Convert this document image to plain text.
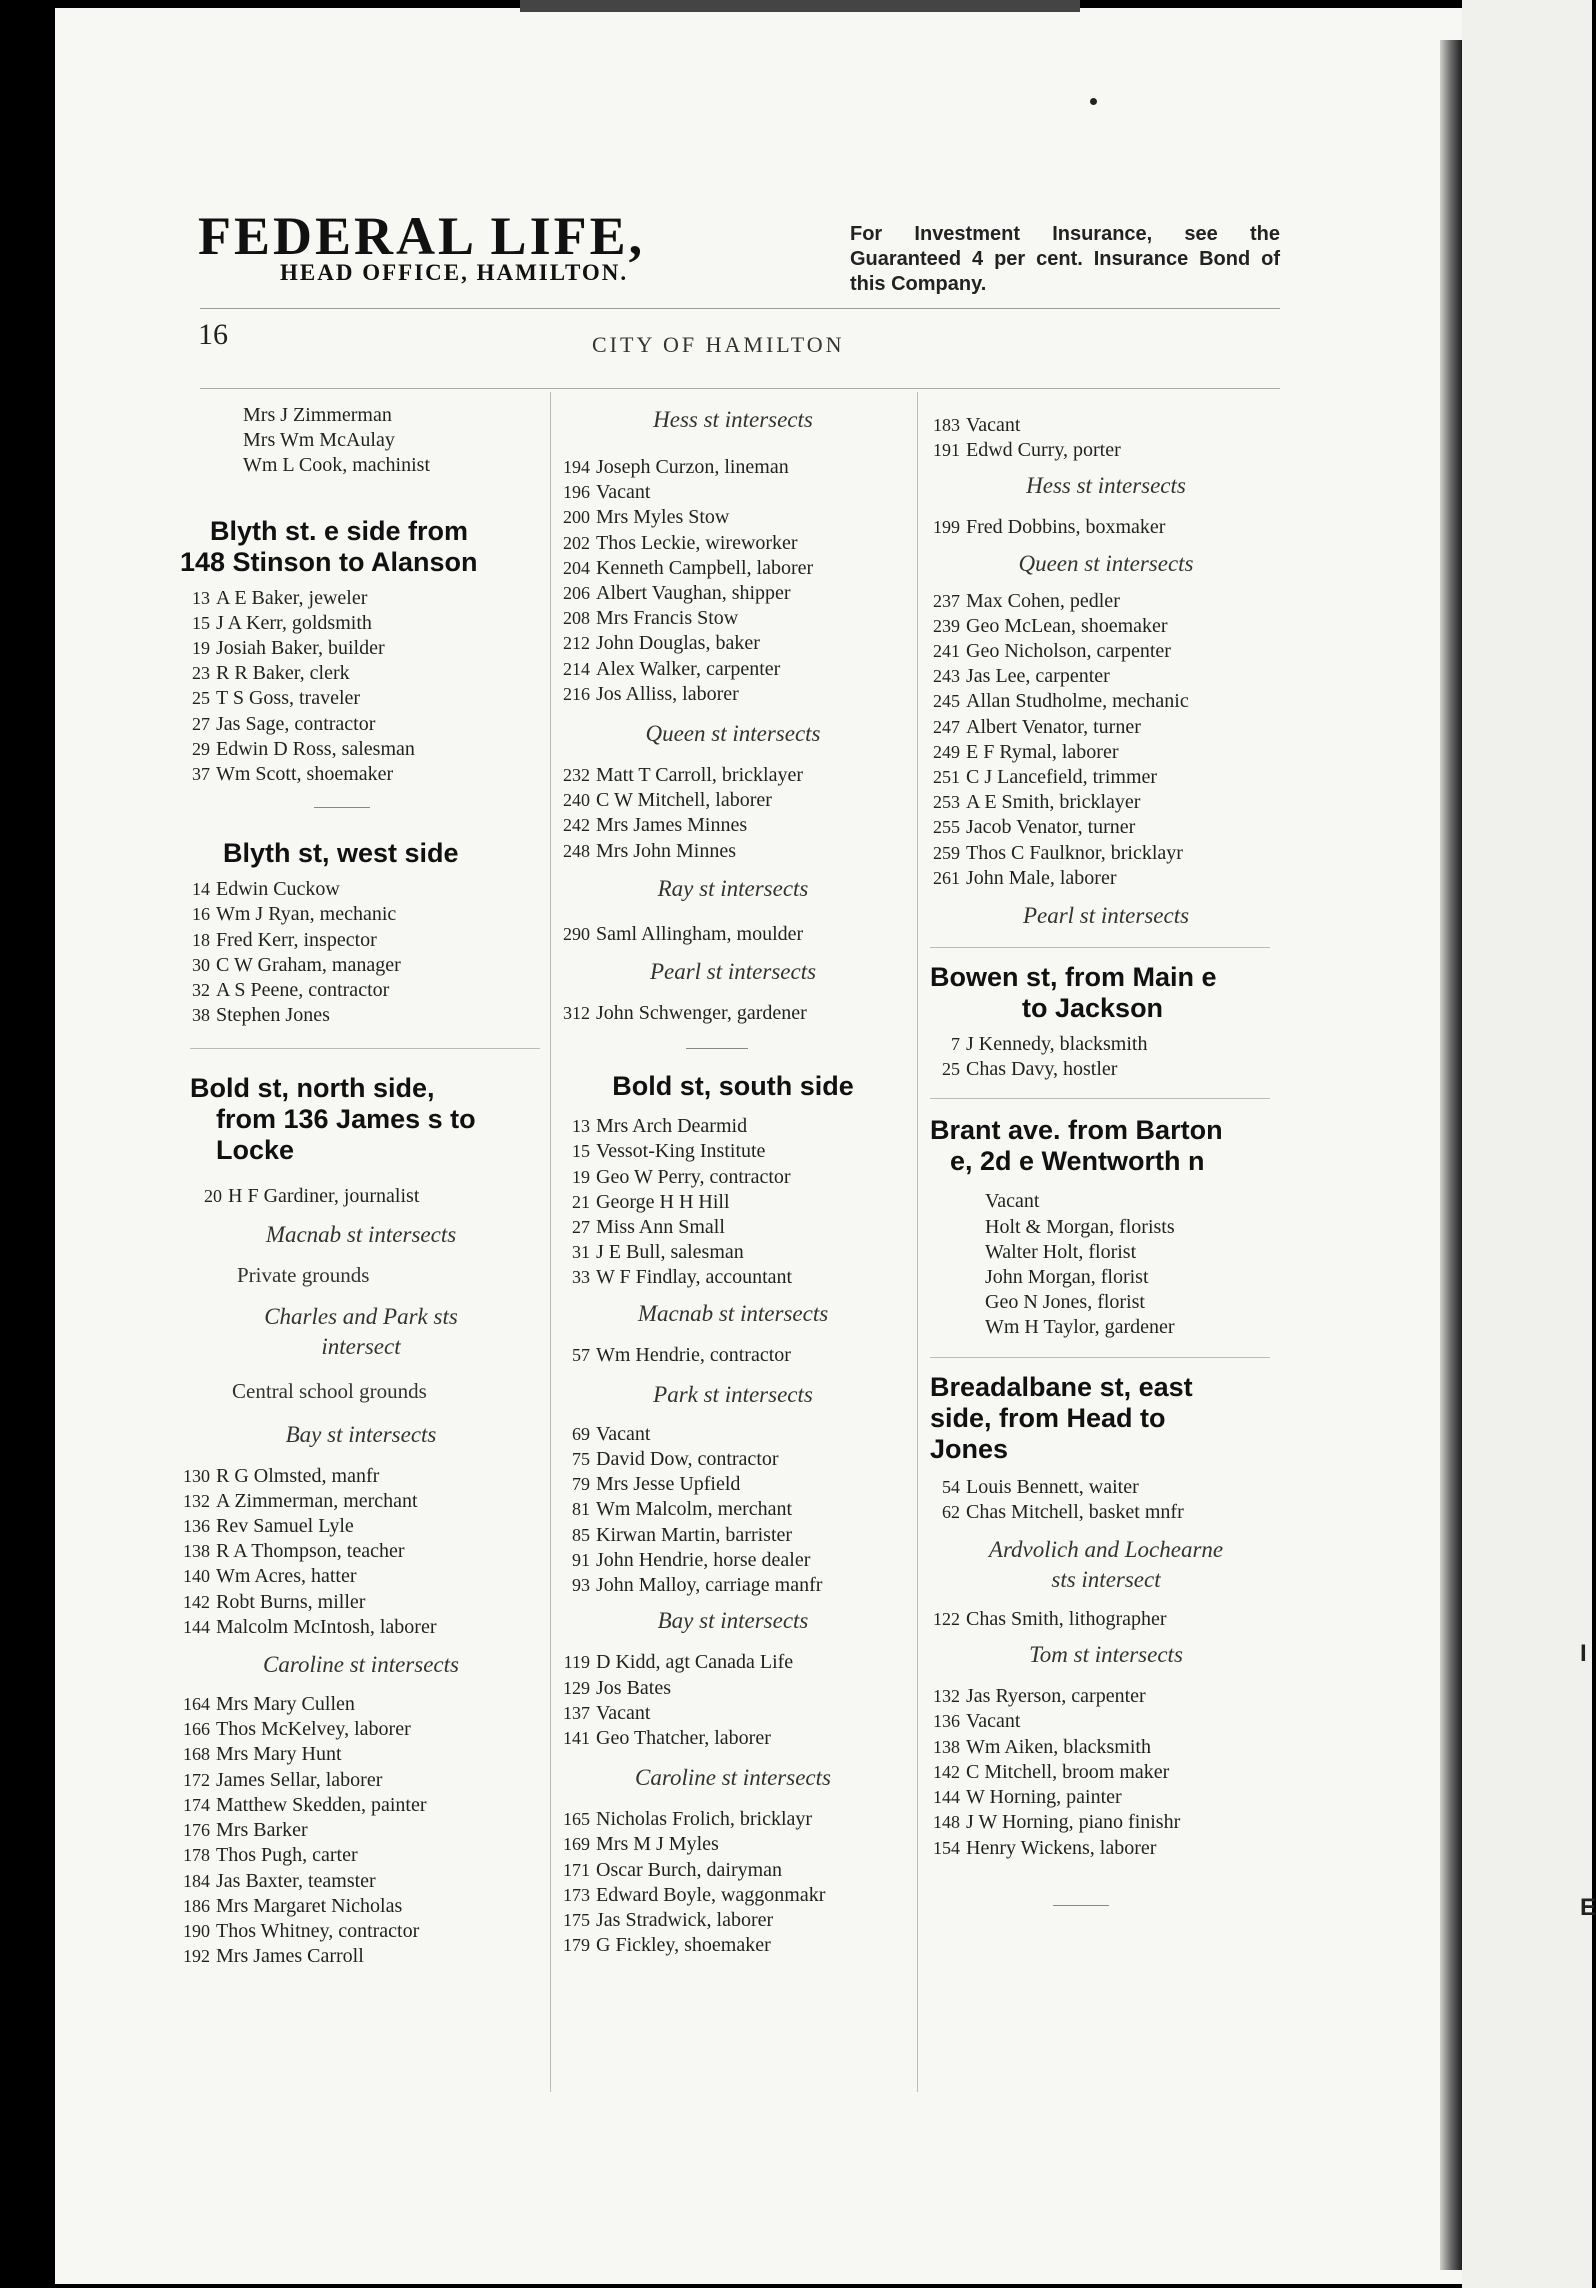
I
E
FEDERAL LIFE,
HEAD OFFICE, HAMILTON.
For Investment Insurance, see the Guaranteed 4 per cent. Insurance Bond of this Company.
16	CITY OF HAMILTON
Mrs J Zimmerman
Mrs Wm McAulay
Wm L Cook, machinist
Blyth st. e side from
148 Stinson to Alanson
13 A E Baker, jeweler
15 J A Kerr, goldsmith
19 Josiah Baker, builder
23 R R Baker, clerk
25 T S Goss, traveler
27 Jas Sage, contractor
29 Edwin D Ross, salesman
37 Wm Scott, shoemaker
Blyth st, west side
14 Edwin Cuckow
16 Wm J Ryan, mechanic
18 Fred Kerr, inspector
30 C W Graham, manager
32 A S Peene, contractor
38 Stephen Jones
Bold st, north side,
from 136 James s to
Locke
20 H F Gardiner, journalist
Macnab st intersects
Private grounds
Charles and Park sts
intersect
Central school grounds
Bay st intersects
130 R G Olmsted, manfr
132 A Zimmerman, merchant
136 Rev Samuel Lyle
138 R A Thompson, teacher
140 Wm Acres, hatter
142 Robt Burns, miller
144 Malcolm McIntosh, laborer
Caroline st intersects
164 Mrs Mary Cullen
166 Thos McKelvey, laborer
168 Mrs Mary Hunt
172 James Sellar, laborer
174 Matthew Skedden, painter
176 Mrs Barker
178 Thos Pugh, carter
184 Jas Baxter, teamster
186 Mrs Margaret Nicholas
190 Thos Whitney, contractor
192 Mrs James Carroll
Hess st intersects
194 Joseph Curzon, lineman
196 Vacant
200 Mrs Myles Stow
202 Thos Leckie, wireworker
204 Kenneth Campbell, laborer
206 Albert Vaughan, shipper
208 Mrs Francis Stow
212 John Douglas, baker
214 Alex Walker, carpenter
216 Jos Alliss, laborer
Queen st intersects
232 Matt T Carroll, bricklayer
240 C W Mitchell, laborer
242 Mrs James Minnes
248 Mrs John Minnes
Ray st intersects
290 Saml Allingham, moulder
Pearl st intersects
312 John Schwenger, gardener
Bold st, south side
13 Mrs Arch Dearmid
15 Vessot-King Institute
19 Geo W Perry, contractor
21 George H H Hill
27 Miss Ann Small
31 J E Bull, salesman
33 W F Findlay, accountant
Macnab st intersects
57 Wm Hendrie, contractor
Park st intersects
69 Vacant
75 David Dow, contractor
79 Mrs Jesse Upfield
81 Wm Malcolm, merchant
85 Kirwan Martin, barrister
91 John Hendrie, horse dealer
93 John Malloy, carriage manfr
Bay st intersects
119 D Kidd, agt Canada Life
129 Jos Bates
137 Vacant
141 Geo Thatcher, laborer
Caroline st intersects
165 Nicholas Frolich, bricklayr
169 Mrs M J Myles
171 Oscar Burch, dairyman
173 Edward Boyle, waggonmakr
175 Jas Stradwick, laborer
179 G Fickley, shoemaker
183 Vacant
191 Edwd Curry, porter
Hess st intersects
199 Fred Dobbins, boxmaker
Queen st intersects
237 Max Cohen, pedler
239 Geo McLean, shoemaker
241 Geo Nicholson, carpenter
243 Jas Lee, carpenter
245 Allan Studholme, mechanic
247 Albert Venator, turner
249 E F Rymal, laborer
251 C J Lancefield, trimmer
253 A E Smith, bricklayer
255 Jacob Venator, turner
259 Thos C Faulknor, bricklayr
261 John Male, laborer
Pearl st intersects
Bowen st, from Main e
to Jackson
7 J Kennedy, blacksmith
25 Chas Davy, hostler
Brant ave. from Barton
e, 2d e Wentworth n
Vacant
Holt & Morgan, florists
Walter Holt, florist
John Morgan, florist
Geo N Jones, florist
Wm H Taylor, gardener
Breadalbane st, east
side, from Head to
Jones
54 Louis Bennett, waiter
62 Chas Mitchell, basket mnfr
Ardvolich and Lochearne
sts intersect
122 Chas Smith, lithographer
Tom st intersects
132 Jas Ryerson, carpenter
136 Vacant
138 Wm Aiken, blacksmith
142 C Mitchell, broom maker
144 W Horning, painter
148 J W Horning, piano finishr
154 Henry Wickens, laborer
